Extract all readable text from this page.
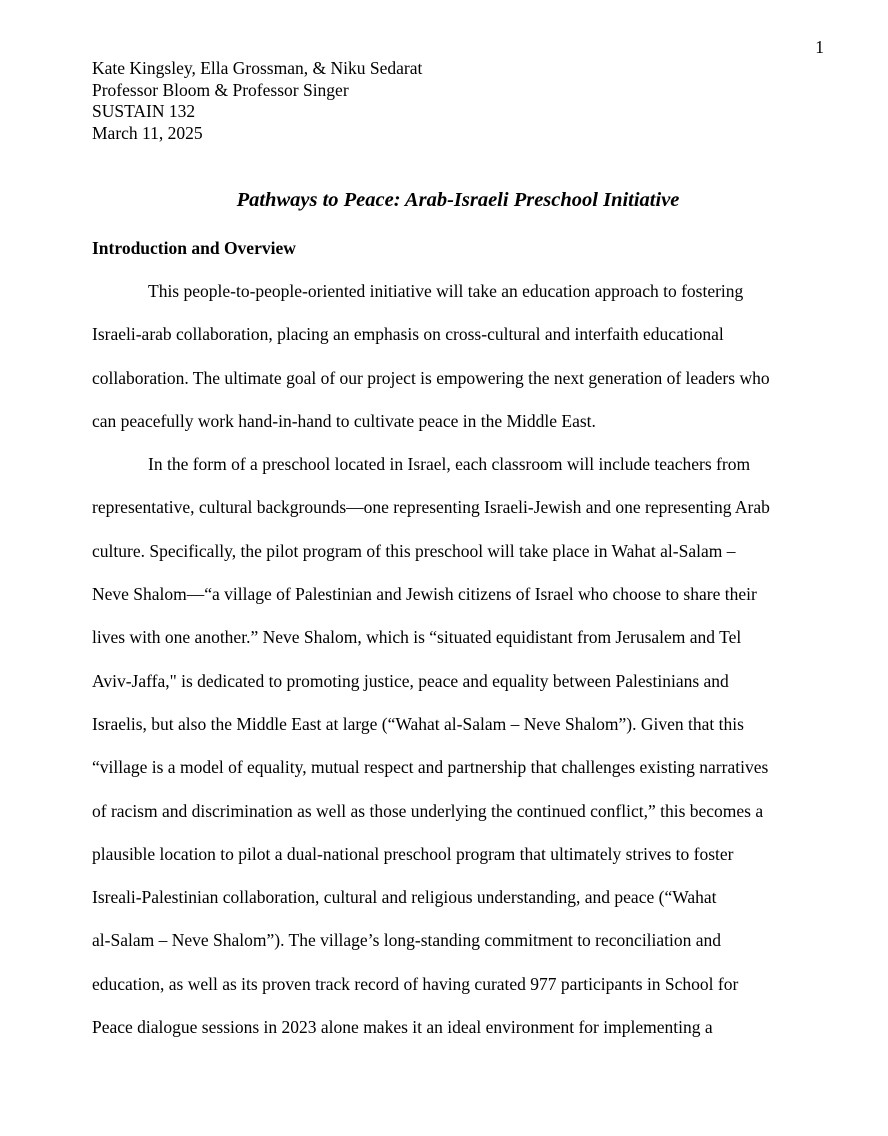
1
Kate Kingsley, Ella Grossman, & Niku Sedarat
Professor Bloom & Professor Singer
SUSTAIN 132
March 11, 2025
Pathways to Peace: Arab-Israeli Preschool Initiative
Introduction and Overview
This people-to-people-oriented initiative will take an education approach to fostering
Israeli-arab collaboration, placing an emphasis on cross-cultural and interfaith educational
collaboration. The ultimate goal of our project is empowering the next generation of leaders who
can peacefully work hand-in-hand to cultivate peace in the Middle East.
In the form of a preschool located in Israel, each classroom will include teachers from
representative, cultural backgrounds—one representing Israeli-Jewish and one representing Arab
culture. Specifically, the pilot program of this preschool will take place in Wahat al-Salam –
Neve Shalom—“a village of Palestinian and Jewish citizens of Israel who choose to share their
lives with one another.” Neve Shalom, which is “situated equidistant from Jerusalem and Tel
Aviv-Jaffa," is dedicated to promoting justice, peace and equality between Palestinians and
Israelis, but also the Middle East at large (“Wahat al-Salam – Neve Shalom”). Given that this
“village is a model of equality, mutual respect and partnership that challenges existing narratives
of racism and discrimination as well as those underlying the continued conflict,” this becomes a
plausible location to pilot a dual-national preschool program that ultimately strives to foster
Isreali-Palestinian collaboration, cultural and religious understanding, and peace (“Wahat
al-Salam – Neve Shalom”). The village’s long-standing commitment to reconciliation and
education, as well as its proven track record of having curated 977 participants in School for
Peace dialogue sessions in 2023 alone makes it an ideal environment for implementing a
